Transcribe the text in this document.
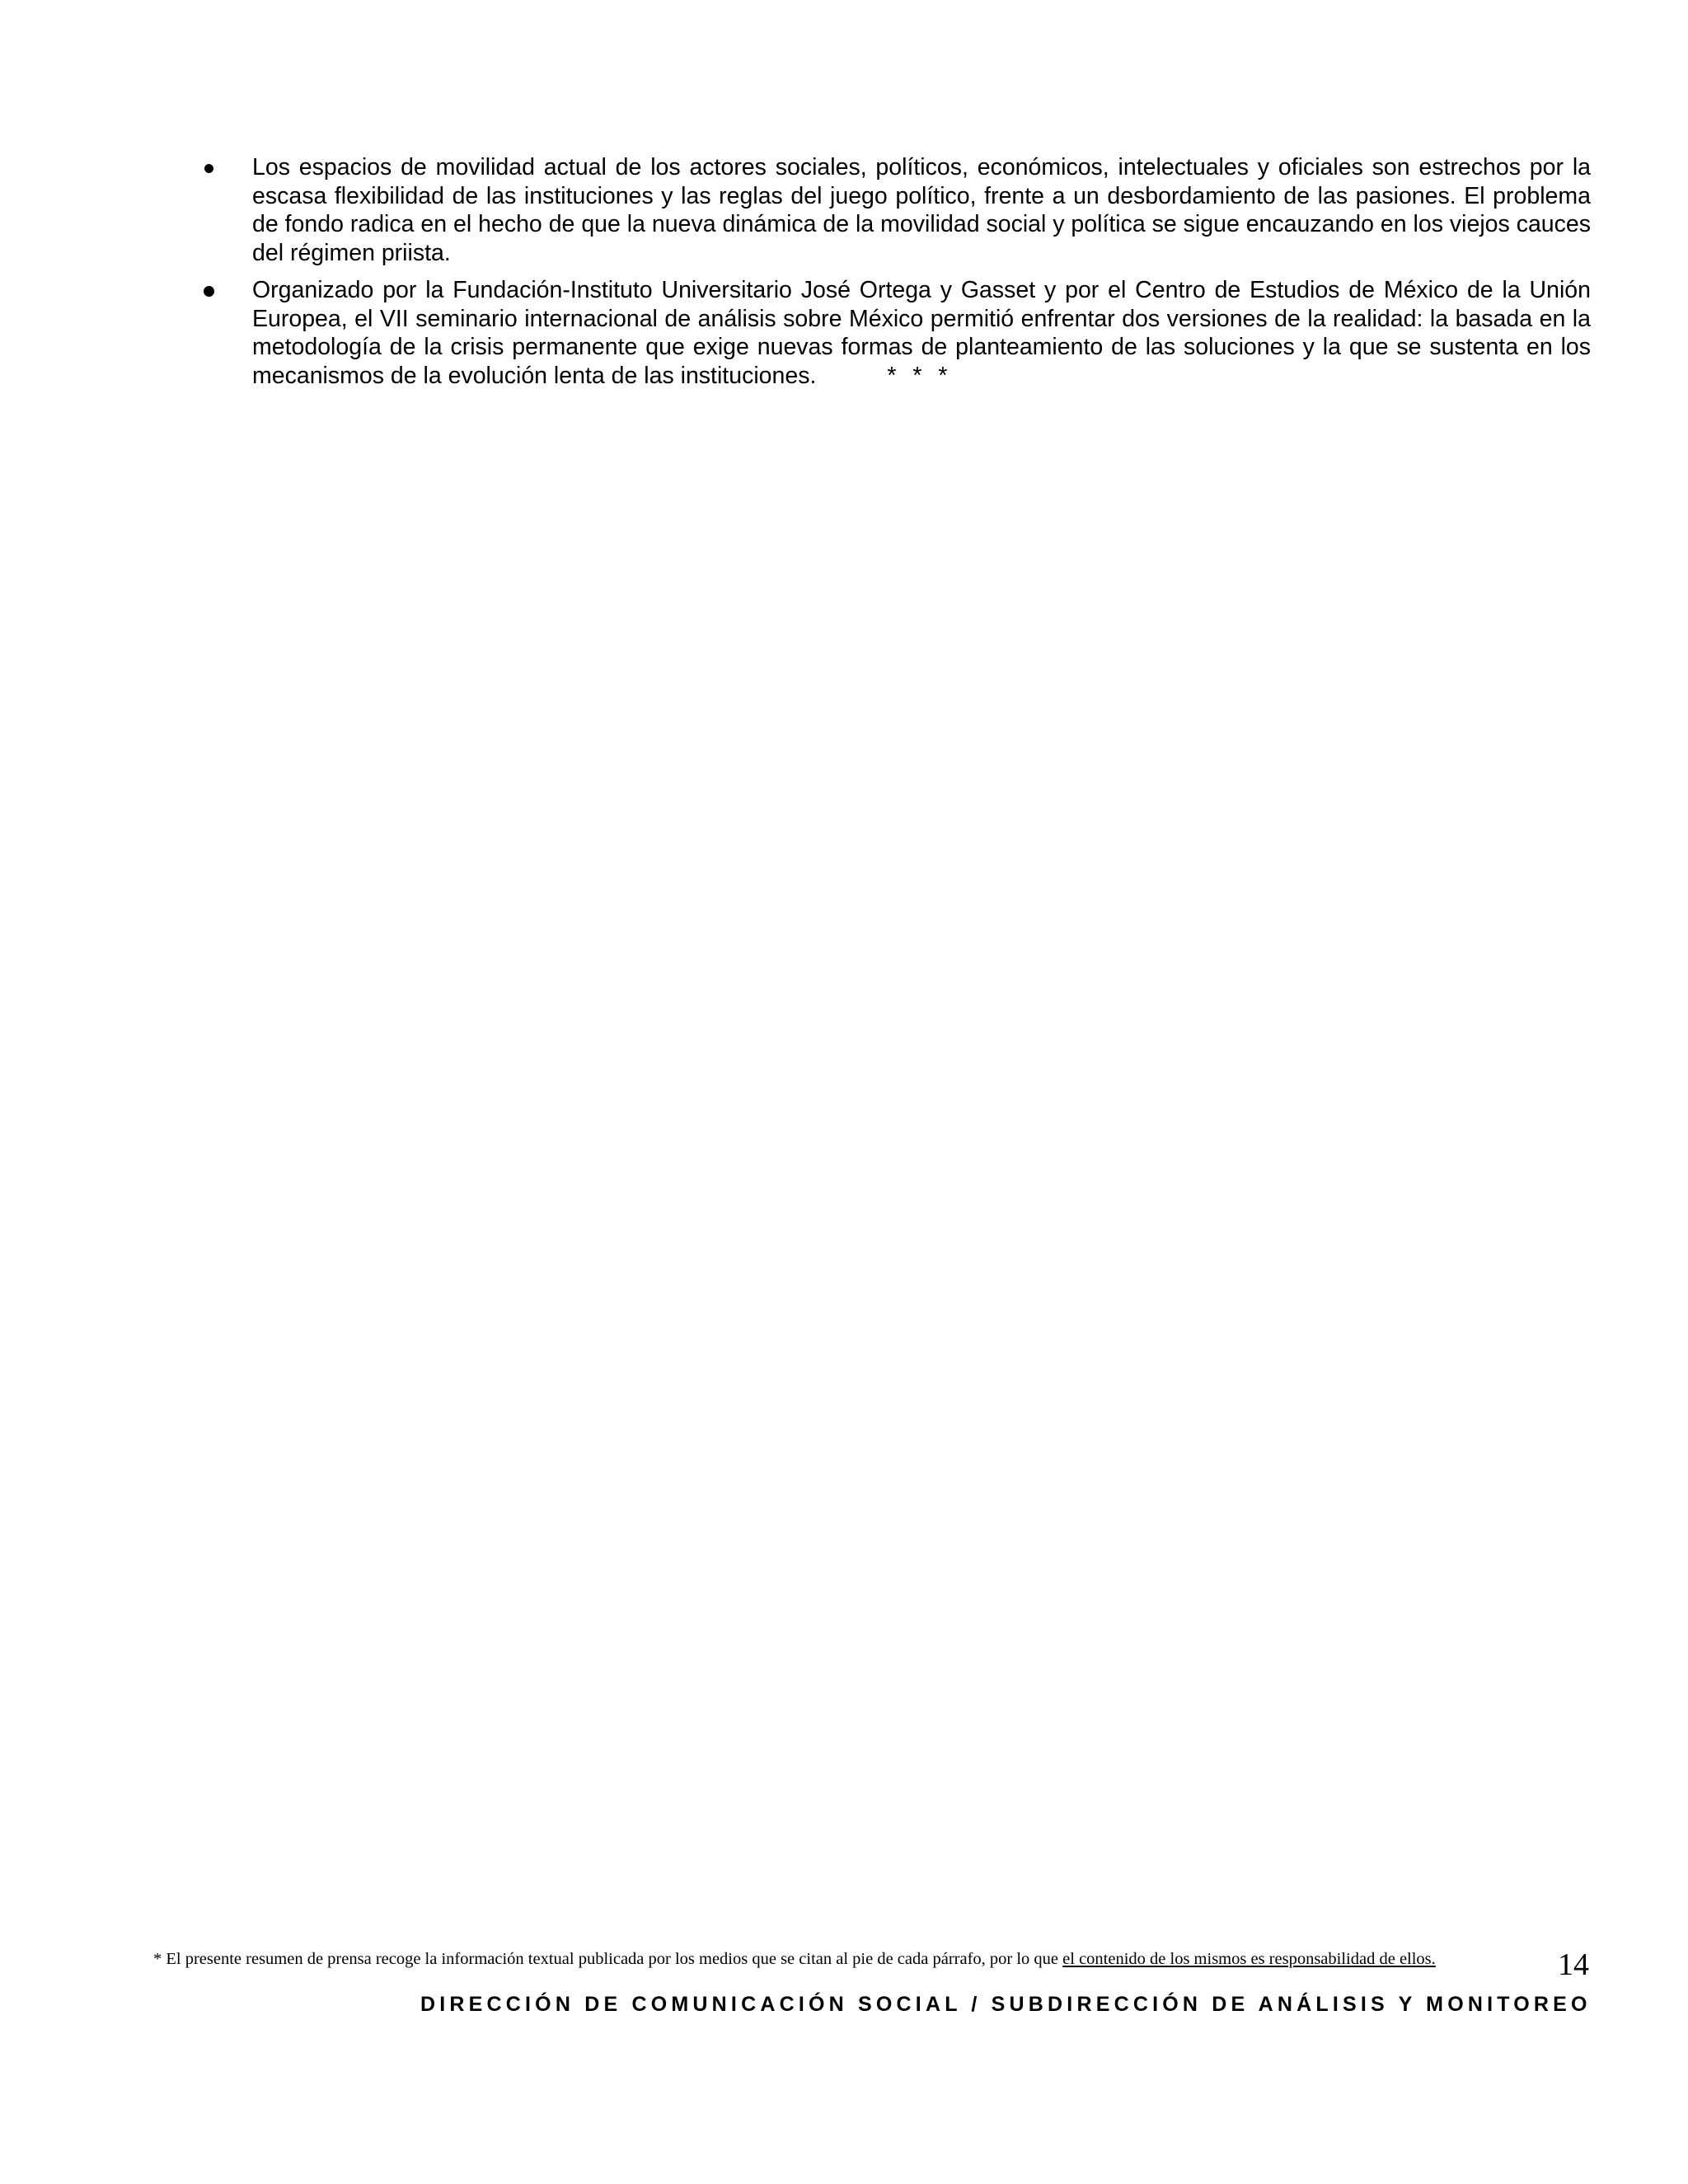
Los espacios de movilidad actual de los actores sociales, políticos, económicos, intelectuales y oficiales son estrechos por la escasa flexibilidad de las instituciones y las reglas del juego político, frente a un desbordamiento de las pasiones. El problema de fondo radica en el hecho de que la nueva dinámica de la movilidad social y política se sigue encauzando en los viejos cauces del régimen priista.
Organizado por la Fundación-Instituto Universitario José Ortega y Gasset y por el Centro de Estudios de México de la Unión Europea, el VII seminario internacional de análisis sobre México permitió enfrentar dos versiones de la realidad: la basada en la metodología de la crisis permanente que exige nuevas formas de planteamiento de las soluciones y la que se sustenta en los mecanismos de la evolución lenta de las instituciones.	* * *
* El presente resumen de prensa recoge la información textual publicada por los medios que se citan al pie de cada párrafo, por lo que el contenido de los mismos es responsabilidad de ellos.	14
DIRECCIÓN DE COMUNICACIÓN SOCIAL / SUBDIRECCIÓN DE ANÁLISIS Y MONITOREO
